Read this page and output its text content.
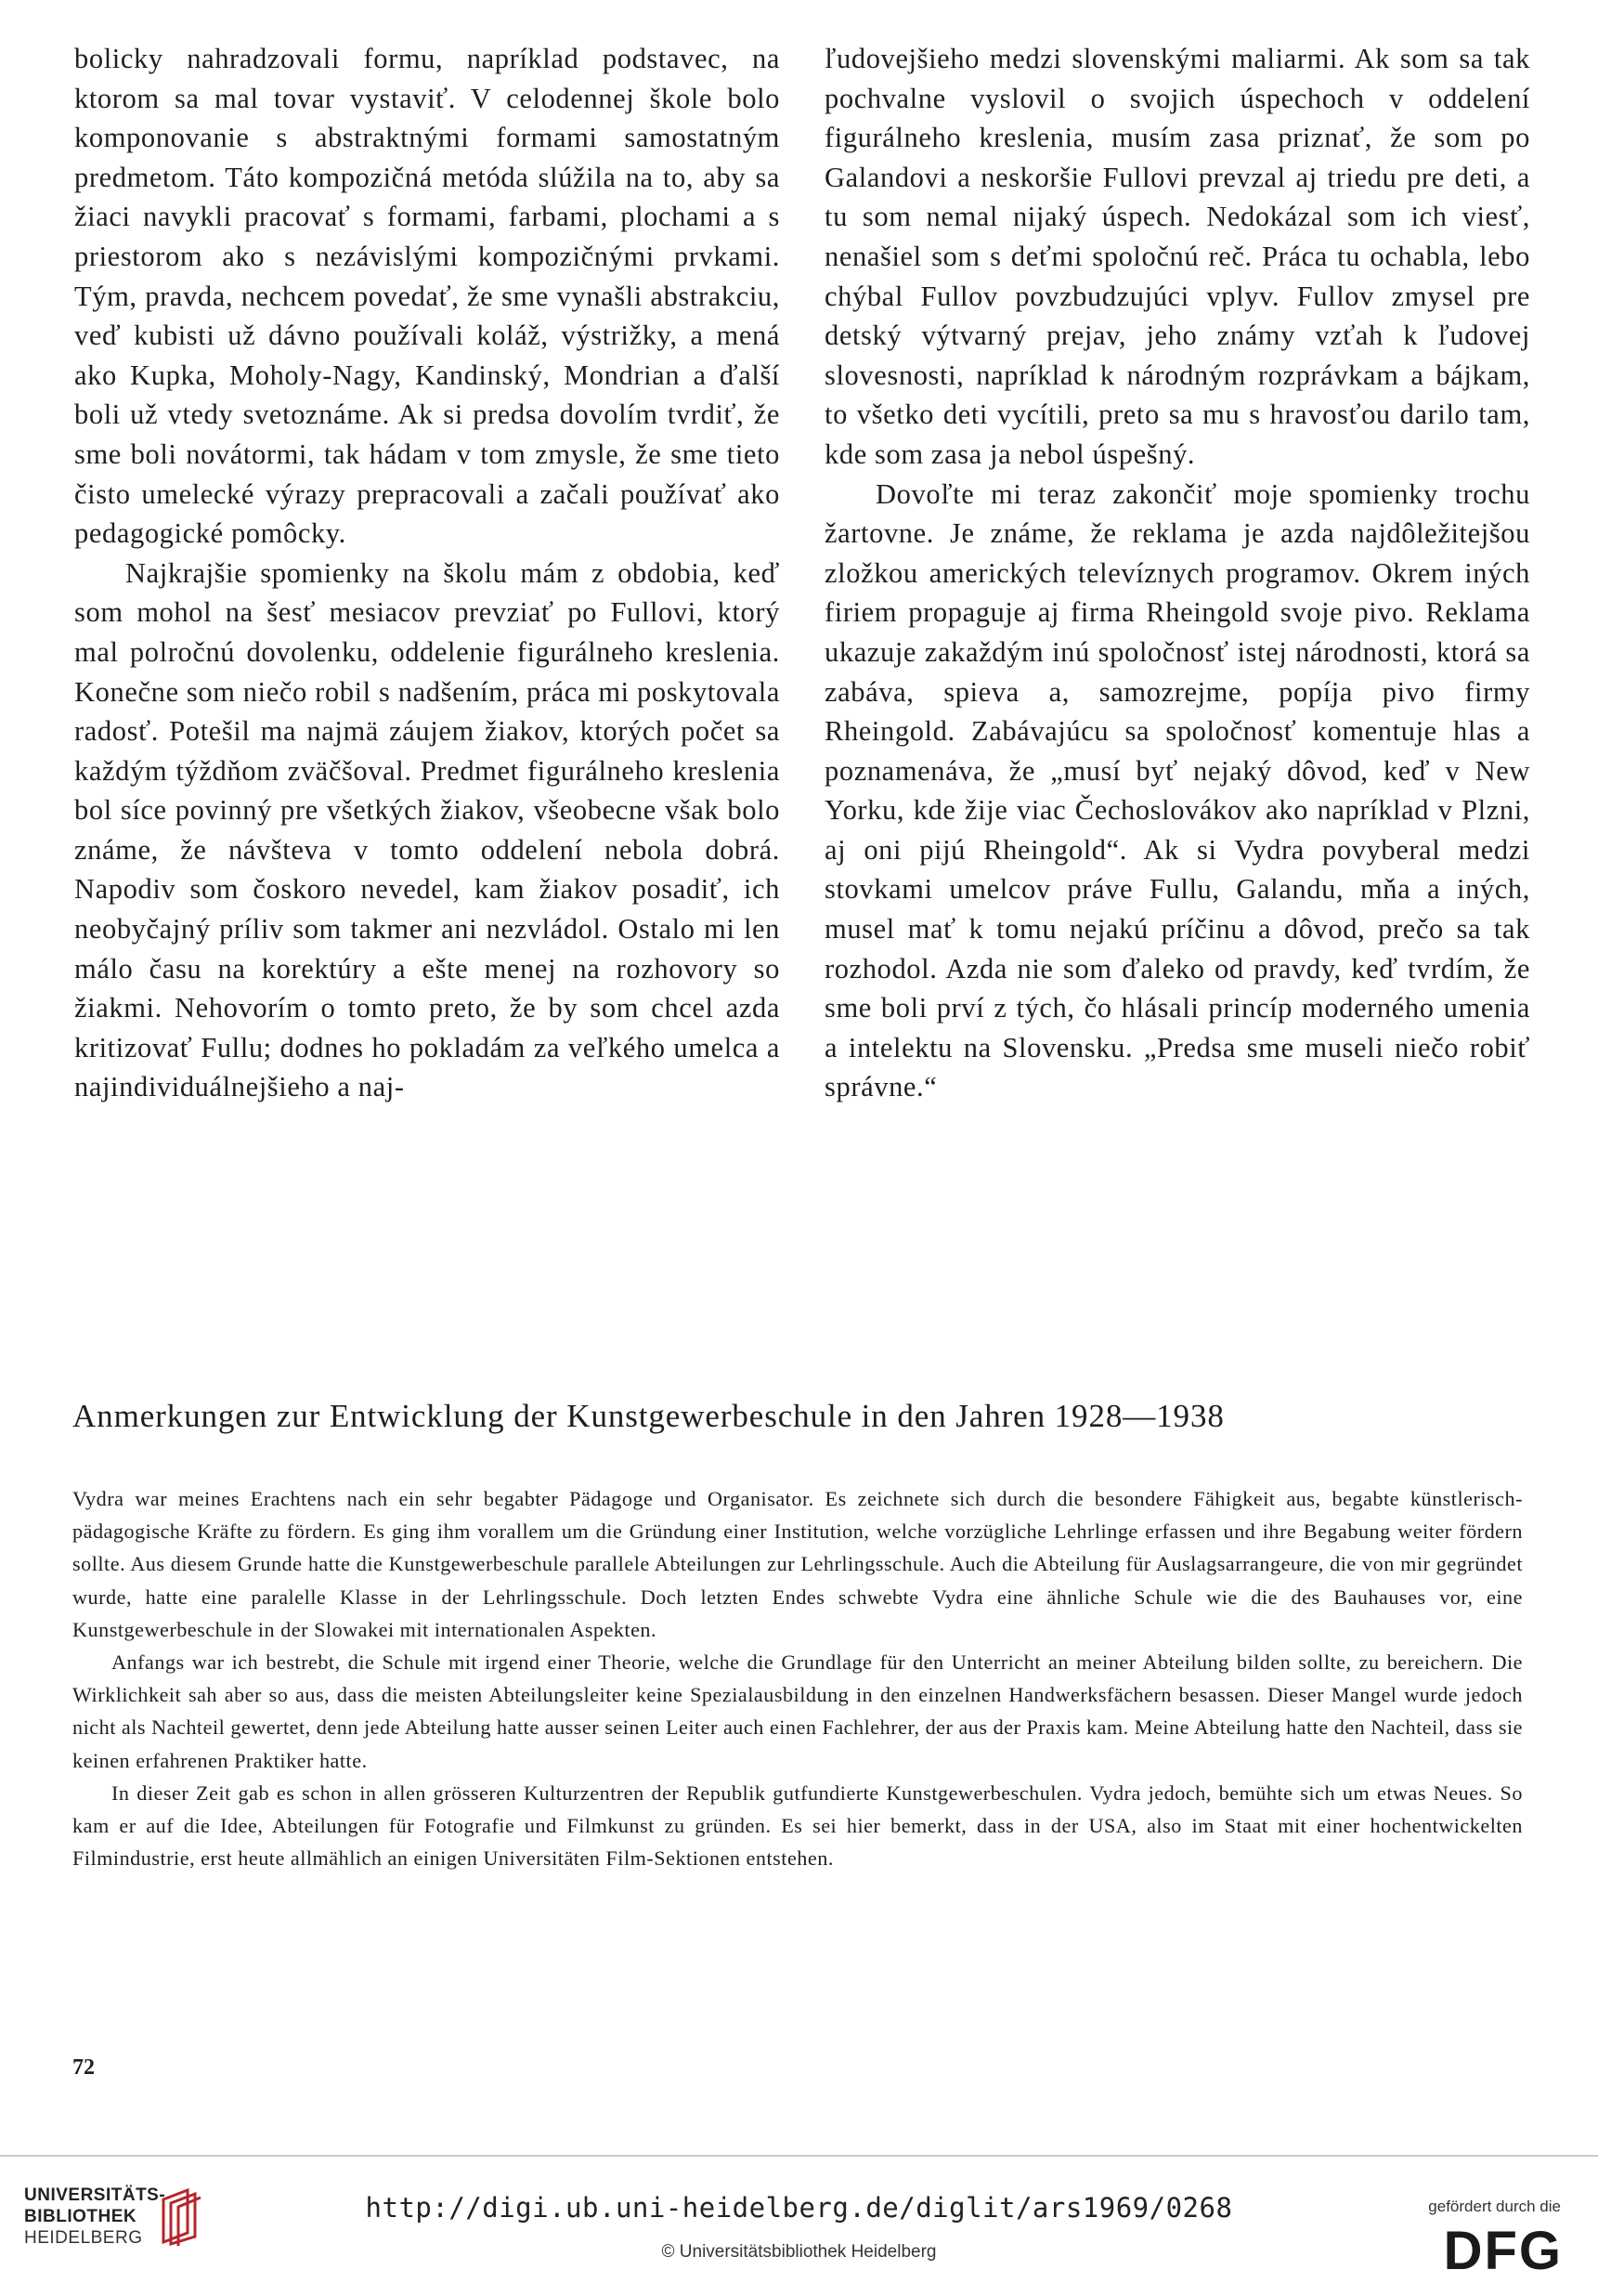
bolicky nahradzovali formu, napríklad podstavec, na ktorom sa mal tovar vystaviť. V celodennej škole bolo komponovanie s abstraktnými formami samostatným predmetom. Táto kompozičná metóda slúžila na to, aby sa žiaci navykli pracovať s formami, farbami, plochami a s priestorom ako s nezávislými kompozičnými prvkami. Tým, pravda, nechcem povedať, že sme vynašli abstrakciu, veď kubisti už dávno používali koláž, výstrižky, a mená ako Kupka, Moholy-Nagy, Kandinský, Mondrian a ďalší boli už vtedy svetoznáme. Ak si predsa dovolím tvrdiť, že sme boli novátormi, tak hádam v tom zmysle, že sme tieto čisto umelecké výrazy prepracovali a začali používať ako pedagogické pomôcky.

Najkrajšie spomienky na školu mám z obdobia, keď som mohol na šesť mesiacov prevziať po Fullovi, ktorý mal polročnú dovolenku, oddelenie figurálneho kreslenia. Konečne som niečo robil s nadšením, práca mi poskytovala radosť. Potešil ma najmä záujem žiakov, ktorých počet sa každým týždňom zväčšoval. Predmet figurálneho kreslenia bol síce povinný pre všetkých žiakov, všeobecne však bolo známe, že návšteva v tomto oddelení nebola dobrá. Napodiv som čoskoro nevedel, kam žiakov posadiť, ich neobyčajný príliv som takmer ani nezvládol. Ostalo mi len málo času na korektúry a ešte menej na rozhovory so žiakmi. Nehovorím o tomto preto, že by som chcel azda kritizovať Fullu; dodnes ho pokladám za veľkého umelca a najindividuálnejšieho a naj-

ľudovejšieho medzi slovenskými maliarmi. Ak som sa tak pochvalne vyslovil o svojich úspechoch v oddelení figurálneho kreslenia, musím zasa priznať, že som po Galandovi a neskoršie Fullovi prevzal aj triedu pre deti, a tu som nemal nijaký úspech. Nedokázal som ich viesť, nenašiel som s deťmi spoločnú reč. Práca tu ochabla, lebo chýbal Fullov povzbudzujúci vplyv. Fullov zmysel pre detský výtvarný prejav, jeho známy vzťah k ľudovej slovesnosti, napríklad k národným rozprávkam a bájkam, to všetko deti vycítili, preto sa mu s hravosťou darilo tam, kde som zasa ja nebol úspešný.

Dovoľte mi teraz zakončiť moje spomienky trochu žartovne. Je známe, že reklama je azda najdôležitejšou zložkou amerických televíznych programov. Okrem iných firiem propaguje aj firma Rheingold svoje pivo. Reklama ukazuje zakaždým inú spoločnosť istej národnosti, ktorá sa zabáva, spieva a, samozrejme, popíja pivo firmy Rheingold. Zabávajúcu sa spoločnosť komentuje hlas a poznamenáva, že „musí byť nejaký dôvod, keď v New Yorku, kde žije viac Čechoslovákov ako napríklad v Plzni, aj oni pijú Rheingold“. Ak si Vydra povyberal medzi stovkami umelcov práve Fullu, Galandu, mňa a iných, musel mať k tomu nejakú príčinu a dôvod, prečo sa tak rozhodol. Azda nie som ďaleko od pravdy, keď tvrdím, že sme boli prví z tých, čo hlásali princíp moderného umenia a intelektu na Slovensku. „Predsa sme museli niečo robiť správne.“

Anmerkungen zur Entwicklung der Kunstgewerbeschule in den Jahren 1928—1938

Vydra war meines Erachtens nach ein sehr begabter Pädagoge und Organisator. Es zeichnete sich durch die besondere Fähigkeit aus, begabte künstlerisch-pädagogische Kräfte zu fördern. Es ging ihm vorallem um die Gründung einer Institution, welche vorzügliche Lehrlinge erfassen und ihre Begabung weiter fördern sollte. Aus diesem Grunde hatte die Kunstgewerbeschule parallele Abteilungen zur Lehrlingsschule. Auch die Abteilung für Auslagsarrangeure, die von mir gegründet wurde, hatte eine paralelle Klasse in der Lehrlingsschule. Doch letzten Endes schwebte Vydra eine ähnliche Schule wie die des Bauhauses vor, eine Kunstgewerbeschule in der Slowakei mit internationalen Aspekten.

Anfangs war ich bestrebt, die Schule mit irgend einer Theorie, welche die Grundlage für den Unterricht an meiner Abteilung bilden sollte, zu bereichern. Die Wirklichkeit sah aber so aus, dass die meisten Abteilungsleiter keine Spezialausbildung in den einzelnen Handwerksfächern besassen. Dieser Mangel wurde jedoch nicht als Nachteil gewertet, denn jede Abteilung hatte ausser seinen Leiter auch einen Fachlehrer, der aus der Praxis kam. Meine Abteilung hatte den Nachteil, dass sie keinen erfahrenen Praktiker hatte.

In dieser Zeit gab es schon in allen grösseren Kulturzentren der Republik gutfundierte Kunstgewerbeschulen. Vydra jedoch, bemühte sich um etwas Neues. So kam er auf die Idee, Abteilungen für Fotografie und Filmkunst zu gründen. Es sei hier bemerkt, dass in der USA, also im Staat mit einer hochentwickelten Filmindustrie, erst heute allmählich an einigen Universitäten Film-Sektionen entstehen.

72
UNIVERSITÄTS-
BIBLIOTHEK
HEIDELBERG
http://digi.ub.uni-heidelberg.de/diglit/ars1969/0268
© Universitätsbibliothek Heidelberg
gefördert durch die
DFG
